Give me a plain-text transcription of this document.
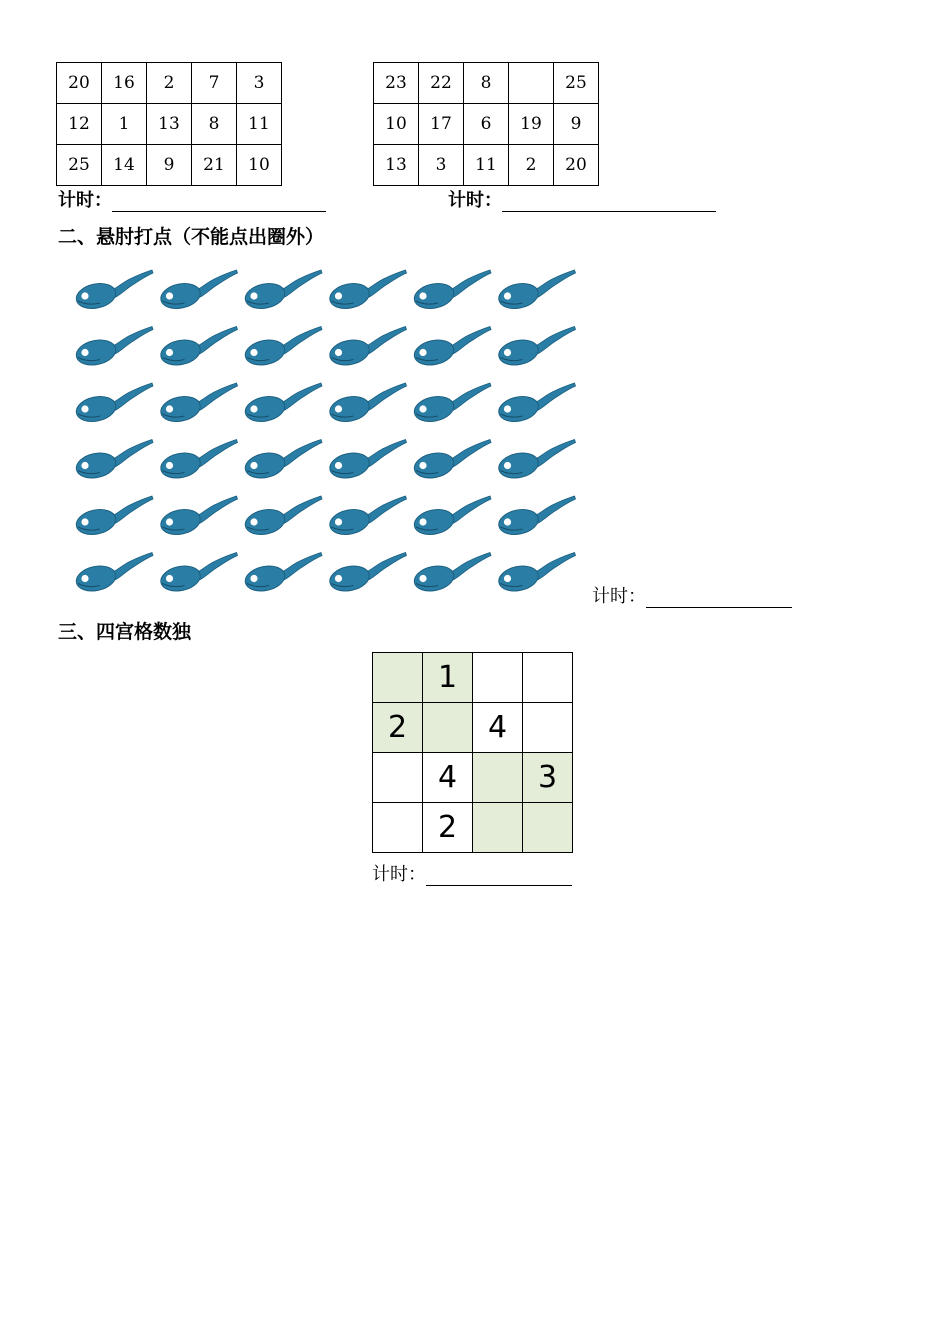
20	16	2	7	3
12	1	13	8	11
25	14	9	21	10
23	22	8		25
10	17	6	19	9
13	3	11	2	20
计时：	计时：
二、悬肘打点（不能点出圈外）
计时：
三、四宫格数独
	1		
2		4	
	4		3
	2		
计时：
